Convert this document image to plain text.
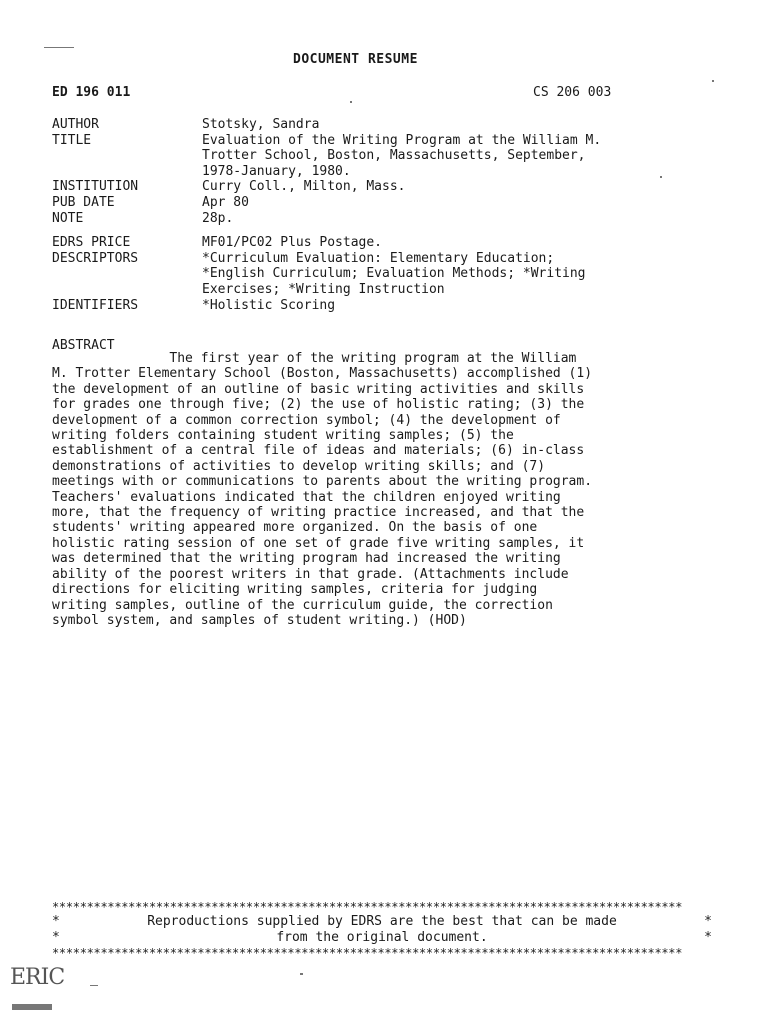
DOCUMENT RESUME
ED 196 011	CS 206 003
AUTHOR	Stotsky, Sandra
TITLE	Evaluation of the Writing Program at the William M.
Trotter School, Boston, Massachusetts, September,
1978-January, 1980.
INSTITUTION	Curry Coll., Milton, Mass.
PUB DATE	Apr 80
NOTE	28p.
EDRS PRICE	MF01/PC02 Plus Postage.
DESCRIPTORS	*Curriculum Evaluation: Elementary Education;
*English Curriculum; Evaluation Methods; *Writing
Exercises; *Writing Instruction
IDENTIFIERS	*Holistic Scoring
ABSTRACT
The first year of the writing program at the William
M. Trotter Elementary School (Boston, Massachusetts) accomplished (1)
the development of an outline of basic writing activities and skills
for grades one through five; (2) the use of holistic rating; (3) the
development of a common correction symbol; (4) the development of
writing folders containing student writing samples; (5) the
establishment of a central file of ideas and materials; (6) in-class
demonstrations of activities to develop writing skills; and (7)
meetings with or communications to parents about the writing program.
Teachers' evaluations indicated that the children enjoyed writing
more, that the frequency of writing practice increased, and that the
students' writing appeared more organized. On the basis of one
holistic rating session of one set of grade five writing samples, it
was determined that the writing program had increased the writing
ability of the poorest writers in that grade. (Attachments include
directions for eliciting writing samples, criteria for judging
writing samples, outline of the curriculum guide, the correction
symbol system, and samples of student writing.) (HOD)
*******************************************************************************************
*	Reproductions supplied by EDRS are the best that can be made	*
*	from the original document.	*
*******************************************************************************************
ERIC
